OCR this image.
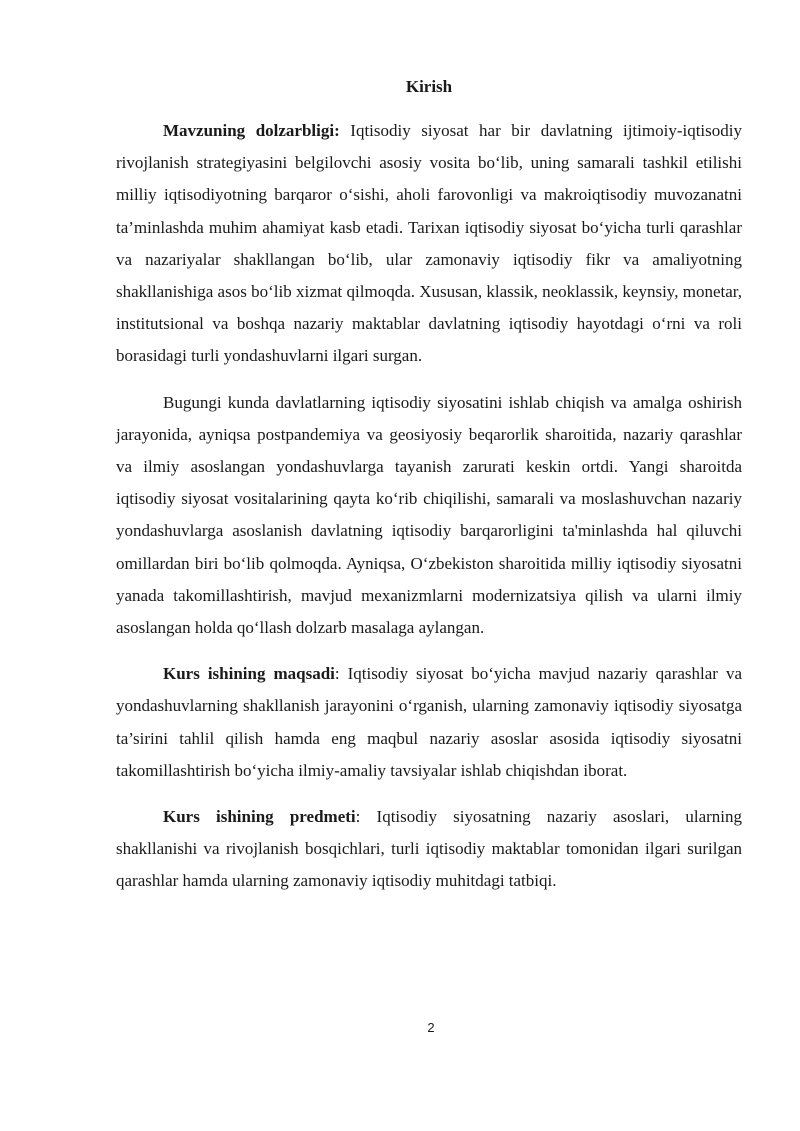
Kirish

Mavzuning dolzarbligi: Iqtisodiy siyosat har bir davlatning ijtimoiy-iqtisodiy rivojlanish strategiyasini belgilovchi asosiy vosita bo‘lib, uning samarali tashkil etilishi milliy iqtisodiyotning barqaror o‘sishi, aholi farovonligi va makroiqtisodiy muvozanatni ta’minlashda muhim ahamiyat kasb etadi. Tarixan iqtisodiy siyosat bo‘yicha turli qarashlar va nazariyalar shakllangan bo‘lib, ular zamonaviy iqtisodiy fikr va amaliyotning shakllanishiga asos bo‘lib xizmat qilmoqda. Xususan, klassik, neoklassik, keynsiy, monetar, institutsional va boshqa nazariy maktablar davlatning iqtisodiy hayotdagi o‘rni va roli borasidagi turli yondashuvlarni ilgari surgan.

Bugungi kunda davlatlarning iqtisodiy siyosatini ishlab chiqish va amalga oshirish jarayonida, ayniqsa postpandemiya va geosiyosiy beqarorlik sharoitida, nazariy qarashlar va ilmiy asoslangan yondashuvlarga tayanish zarurati keskin ortdi. Yangi sharoitda iqtisodiy siyosat vositalarining qayta ko‘rib chiqilishi, samarali va moslashuvchan nazariy yondashuvlarga asoslanish davlatning iqtisodiy barqarorligini ta'minlashda hal qiluvchi omillardan biri bo‘lib qolmoqda. Ayniqsa, O‘zbekiston sharoitida milliy iqtisodiy siyosatni yanada takomillashtirish, mavjud mexanizmlarni modernizatsiya qilish va ularni ilmiy asoslangan holda qo‘llash dolzarb masalaga aylangan.

Kurs ishining maqsadi: Iqtisodiy siyosat bo‘yicha mavjud nazariy qarashlar va yondashuvlarning shakllanish jarayonini o‘rganish, ularning zamonaviy iqtisodiy siyosatga ta’sirini tahlil qilish hamda eng maqbul nazariy asoslar asosida iqtisodiy siyosatni takomillashtirish bo‘yicha ilmiy-amaliy tavsiyalar ishlab chiqishdan iborat.

Kurs ishining predmeti: Iqtisodiy siyosatning nazariy asoslari, ularning shakllanishi va rivojlanish bosqichlari, turli iqtisodiy maktablar tomonidan ilgari surilgan qarashlar hamda ularning zamonaviy iqtisodiy muhitdagi tatbiqi.

2
